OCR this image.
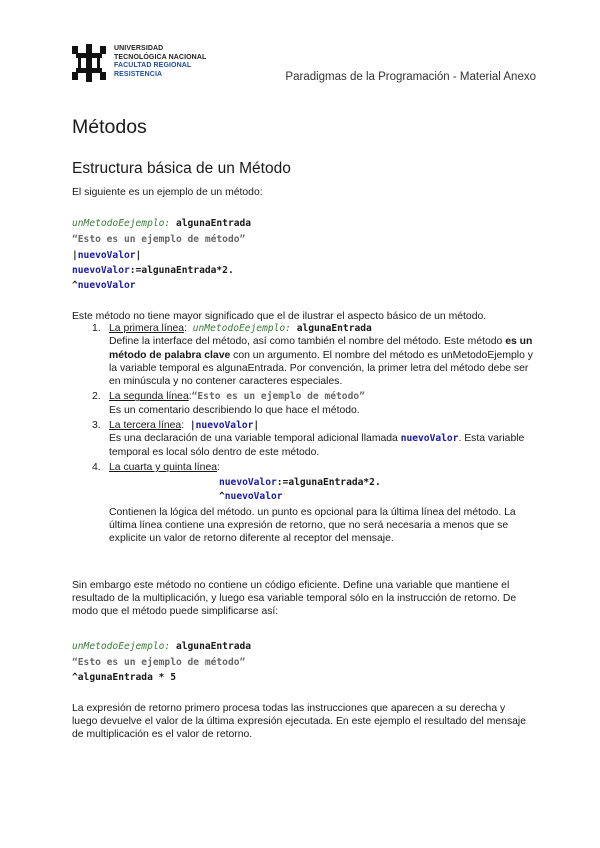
UNIVERSIDAD
TECNOLÓGICA NACIONAL
FACULTAD REGIONAL
RESISTENCIA	Paradigmas de la Programación - Material Anexo
Métodos
Estructura básica de un Método
El siguiente es un ejemplo de un método:
unMetodoEejemplo: algunaEntrada
“Esto es un ejemplo de método”
|nuevoValor|
nuevoValor:=algunaEntrada*2.
^nuevoValor
Este método no tiene mayor significado que el de ilustrar el aspecto básico de un método.
1. La primera línea: unMetodoEejemplo: algunaEntrada
Define la interface del método, así como también el nombre del método. Este método es un método de palabra clave con un argumento. El nombre del método es unMetodoEjemplo y la variable temporal es algunaEntrada. Por convención, la primer letra del método debe ser en minúscula y no contener caracteres especiales.
2. La segunda línea:“Esto es un ejemplo de método”
Es un comentario describiendo lo que hace el método.
3. La tercera línea: |nuevoValor|
Es una declaración de una variable temporal adicional llamada nuevoValor. Esta variable temporal es local sólo dentro de este método.
4. La cuarta y quinta línea:
nuevoValor:=algunaEntrada*2.
^nuevoValor
Contienen la lógica del método. un punto es opcional para la última línea del método. La última línea contiene una expresión de retorno, que no será necesaria a menos que se explicite un valor de retorno diferente al receptor del mensaje.
Sin embargo este método no contiene un código eficiente. Define una variable que mantiene el resultado de la multiplicación, y luego esa variable temporal sólo en la instrucción de retorno. De modo que el método puede simplificarse así:
unMetodoEejemplo: algunaEntrada
“Esto es un ejemplo de método”
^algunaEntrada * 5
La expresión de retorno primero procesa todas las instrucciones que aparecen a su derecha y luego devuelve el valor de la última expresión ejecutada. En este ejemplo el resultado del mensaje de multiplicación es el valor de retorno.
